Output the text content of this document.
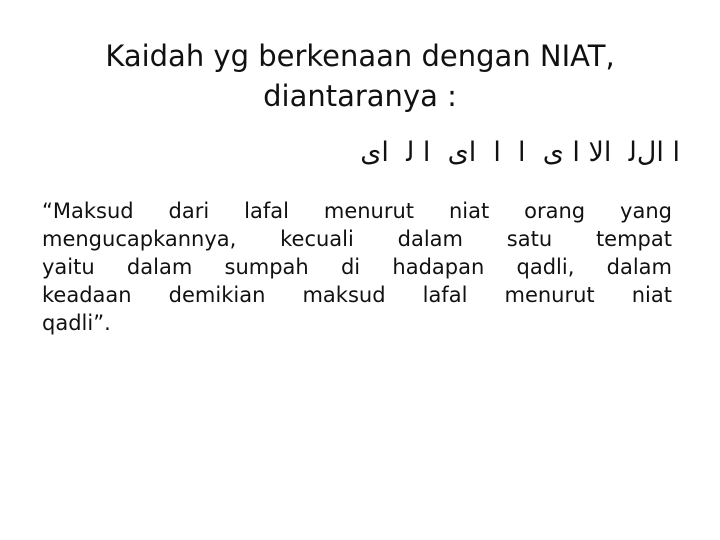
Kaidah yg berkenaan dengan NIAT,
diantaranya :
ا الﻟ  الا ا ى  ا  ا  اﻯ  ا ﻟ  اﻯ
“Maksud dari lafal menurut niat orang yang
mengucapkannya, kecuali dalam satu tempat
yaitu dalam sumpah di hadapan qadli, dalam
keadaan demikian maksud lafal menurut niat
qadli”.
